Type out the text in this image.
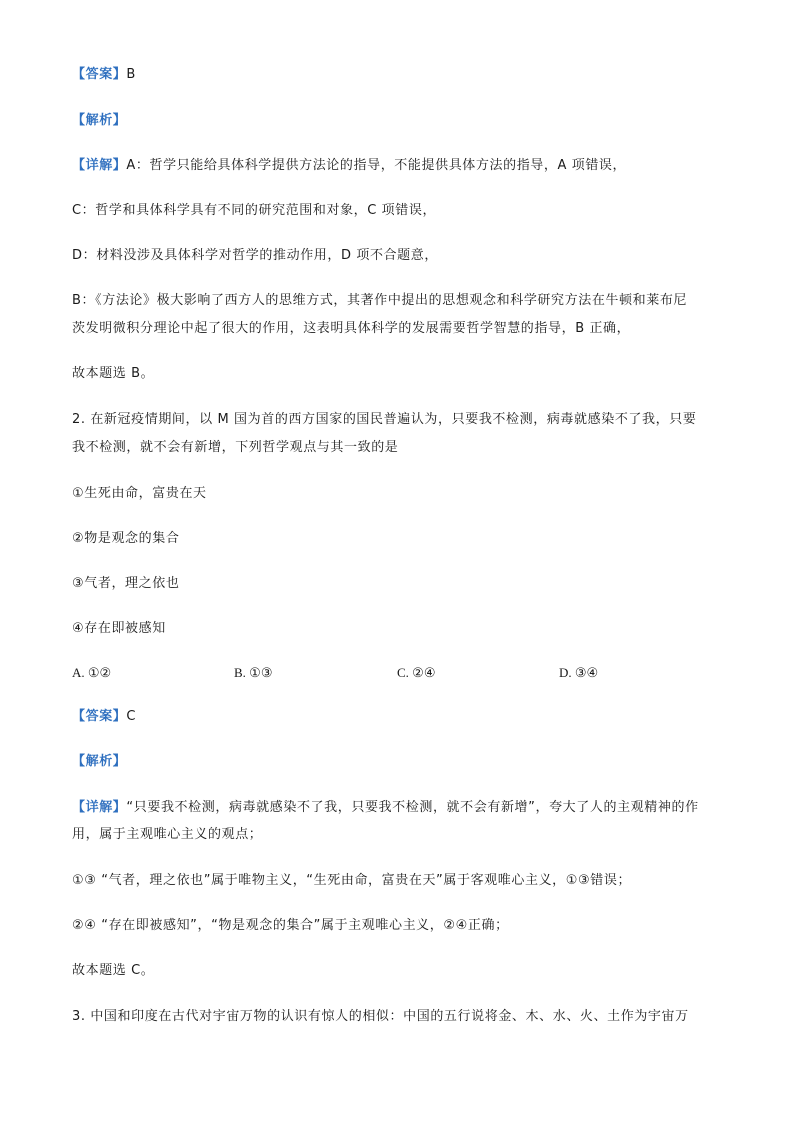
【答案】B
【解析】
【详解】A：哲学只能给具体科学提供方法论的指导，不能提供具体方法的指导，A 项错误，
C：哲学和具体科学具有不同的研究范围和对象，C 项错误，
D：材料没涉及具体科学对哲学的推动作用，D 项不合题意，
B：《方法论》极大影响了西方人的思维方式，其著作中提出的思想观念和科学研究方法在牛顿和莱布尼
茨发明微积分理论中起了很大的作用，这表明具体科学的发展需要哲学智慧的指导，B 正确，
故本题选 B。
2. 在新冠疫情期间，以 M 国为首的西方国家的国民普遍认为，只要我不检测，病毒就感染不了我，只要
我不检测，就不会有新增，下列哲学观点与其一致的是
①生死由命，富贵在天
②物是观念的集合
③气者，理之依也
④存在即被感知
A. ①②	B. ①③	C. ②④	D. ③④
【答案】C
【解析】
【详解】“只要我不检测，病毒就感染不了我，只要我不检测，就不会有新增”，夸大了人的主观精神的作
用，属于主观唯心主义的观点；
①③ “气者，理之依也”属于唯物主义，“生死由命，富贵在天”属于客观唯心主义，①③错误；
②④ “存在即被感知”，“物是观念的集合”属于主观唯心主义，②④正确；
故本题选 C。
3. 中国和印度在古代对宇宙万物的认识有惊人的相似：中国的五行说将金、木、水、火、土作为宇宙万
